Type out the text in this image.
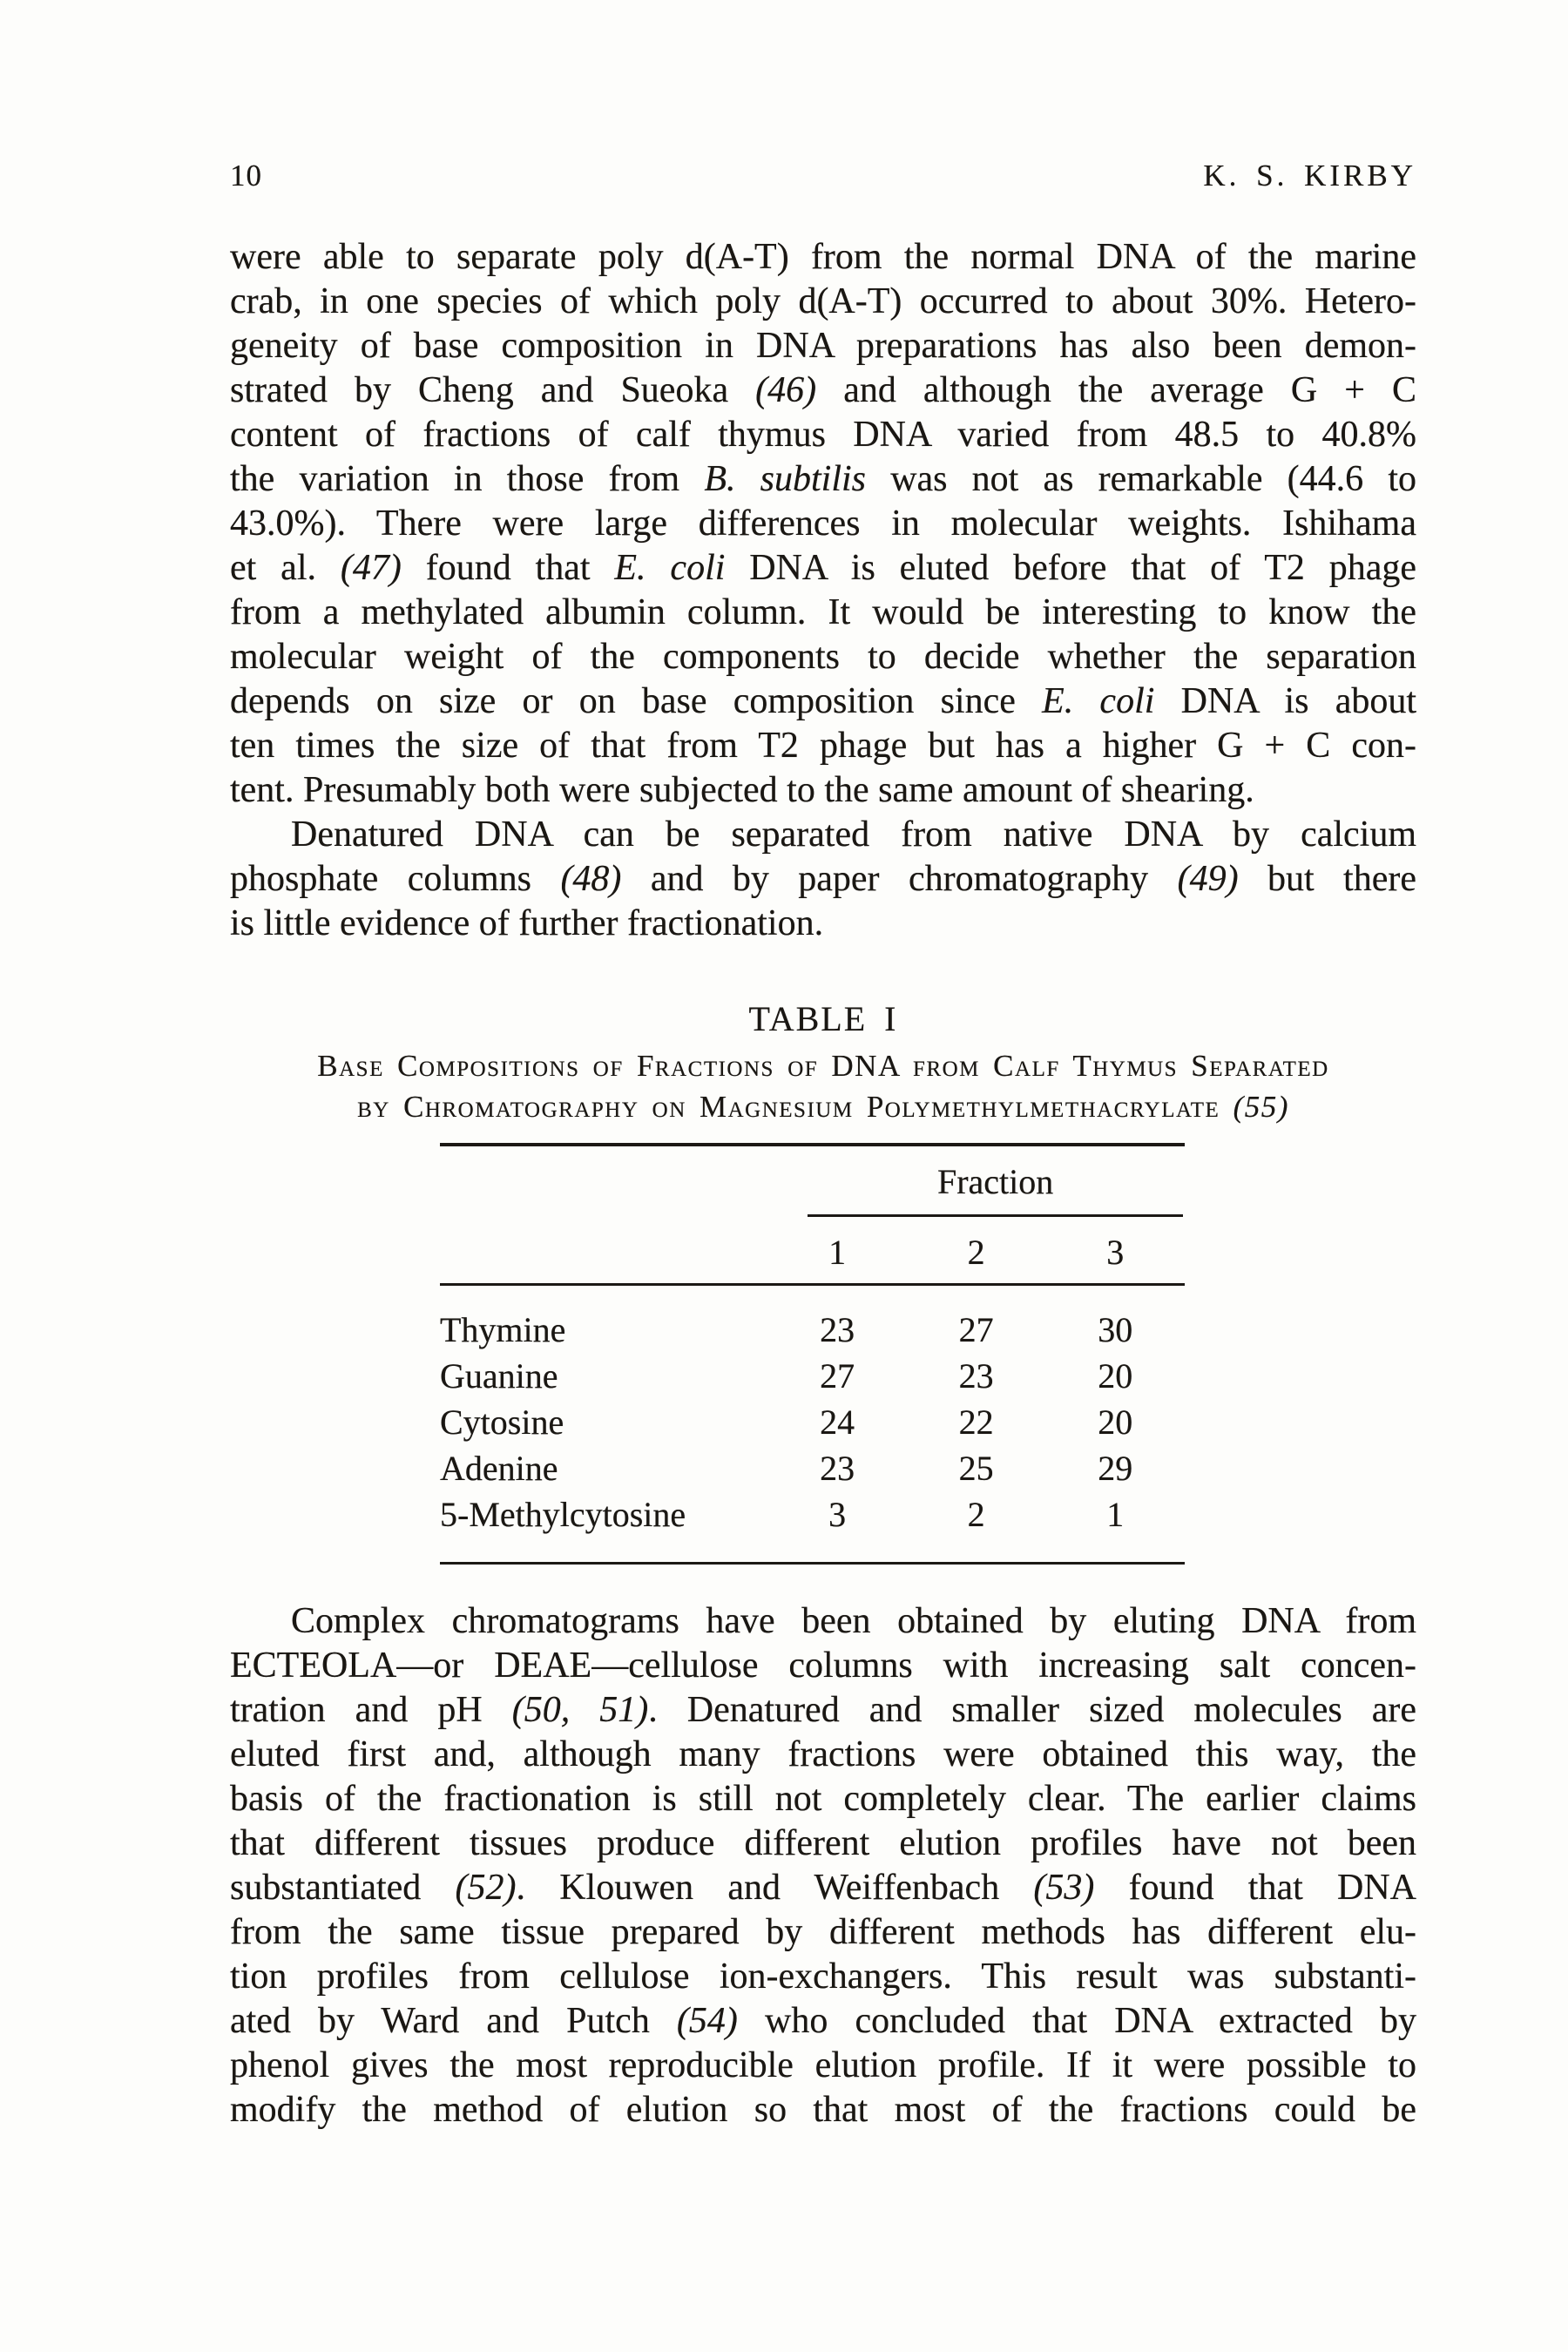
10	K. S. KIRBY
were able to separate poly d(A-T) from the normal DNA of the marine
crab, in one species of which poly d(A-T) occurred to about 30%. Hetero-
geneity of base composition in DNA preparations has also been demon-
strated by Cheng and Sueoka (46) and although the average G + C
content of fractions of calf thymus DNA varied from 48.5 to 40.8%
the variation in those from B. subtilis was not as remarkable (44.6 to
43.0%). There were large differences in molecular weights. Ishihama
et al. (47) found that E. coli DNA is eluted before that of T2 phage
from a methylated albumin column. It would be interesting to know the
molecular weight of the components to decide whether the separation
depends on size or on base composition since E. coli DNA is about
ten times the size of that from T2 phage but has a higher G + C con-
tent. Presumably both were subjected to the same amount of shearing.
Denatured DNA can be separated from native DNA by calcium
phosphate columns (48) and by paper chromatography (49) but there
is little evidence of further fractionation.
TABLE I
Base Compositions of Fractions of DNA from Calf Thymus Separated
by Chromatography on Magnesium Polymethylmethacrylate (55)

	Fraction		

	1	2	3
Thymine	23	27	30
Guanine	27	23	20
Cytosine	24	22	20
Adenine	23	25	29
5-Methylcytosine	3	2	1
Complex chromatograms have been obtained by eluting DNA from
ECTEOLA—or DEAE—cellulose columns with increasing salt concen-
tration and pH (50, 51). Denatured and smaller sized molecules are
eluted first and, although many fractions were obtained this way, the
basis of the fractionation is still not completely clear. The earlier claims
that different tissues produce different elution profiles have not been
substantiated (52). Klouwen and Weiffenbach (53) found that DNA
from the same tissue prepared by different methods has different elu-
tion profiles from cellulose ion-exchangers. This result was substanti-
ated by Ward and Putch (54) who concluded that DNA extracted by
phenol gives the most reproducible elution profile. If it were possible to
modify the method of elution so that most of the fractions could be
